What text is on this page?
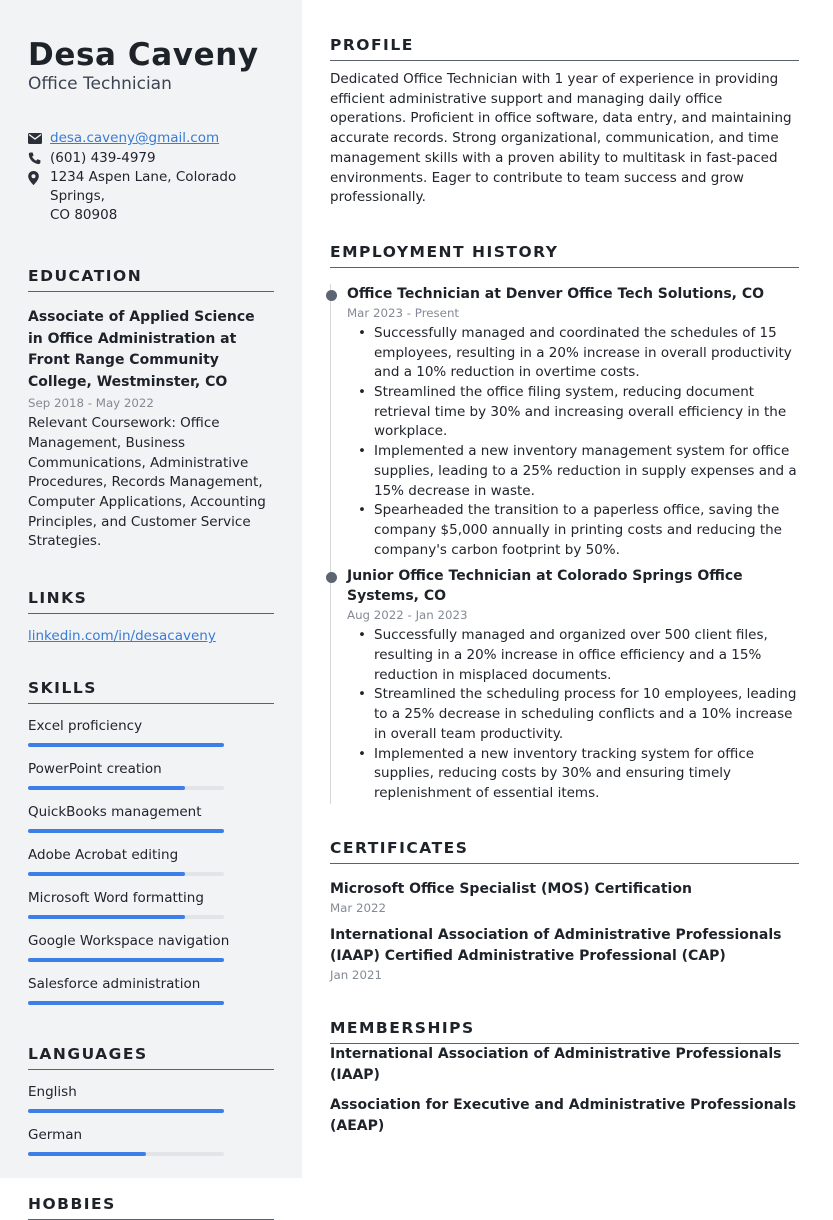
Desa Caveny
Office Technician
desa.caveny@gmail.com
(601) 439-4979
1234 Aspen Lane, Colorado Springs,
CO 80908
EDUCATION
Associate of Applied Science in Office Administration at Front Range Community College, Westminster, CO
Sep 2018 - May 2022
Relevant Coursework: Office Management, Business Communications, Administrative Procedures, Records Management, Computer Applications, Accounting Principles, and Customer Service Strategies.
LINKS
linkedin.com/in/desacaveny
SKILLS
Excel proficiency
PowerPoint creation
QuickBooks management
Adobe Acrobat editing
Microsoft Word formatting
Google Workspace navigation
Salesforce administration
LANGUAGES
English
German
HOBBIES
PROFILE
Dedicated Office Technician with 1 year of experience in providing efficient administrative support and managing daily office operations. Proficient in office software, data entry, and maintaining accurate records. Strong organizational, communication, and time management skills with a proven ability to multitask in fast-paced environments. Eager to contribute to team success and grow professionally.
EMPLOYMENT HISTORY
Office Technician at Denver Office Tech Solutions, CO
Mar 2023 - Present
• Successfully managed and coordinated the schedules of 15 employees, resulting in a 20% increase in overall productivity and a 10% reduction in overtime costs.
• Streamlined the office filing system, reducing document retrieval time by 30% and increasing overall efficiency in the workplace.
• Implemented a new inventory management system for office supplies, leading to a 25% reduction in supply expenses and a 15% decrease in waste.
• Spearheaded the transition to a paperless office, saving the company $5,000 annually in printing costs and reducing the company's carbon footprint by 50%.
Junior Office Technician at Colorado Springs Office Systems, CO
Aug 2022 - Jan 2023
• Successfully managed and organized over 500 client files, resulting in a 20% increase in office efficiency and a 15% reduction in misplaced documents.
• Streamlined the scheduling process for 10 employees, leading to a 25% decrease in scheduling conflicts and a 10% increase in overall team productivity.
• Implemented a new inventory tracking system for office supplies, reducing costs by 30% and ensuring timely replenishment of essential items.
CERTIFICATES
Microsoft Office Specialist (MOS) Certification
Mar 2022
International Association of Administrative Professionals (IAAP) Certified Administrative Professional (CAP)
Jan 2021
MEMBERSHIPS
International Association of Administrative Professionals (IAAP)
Association for Executive and Administrative Professionals (AEAP)
